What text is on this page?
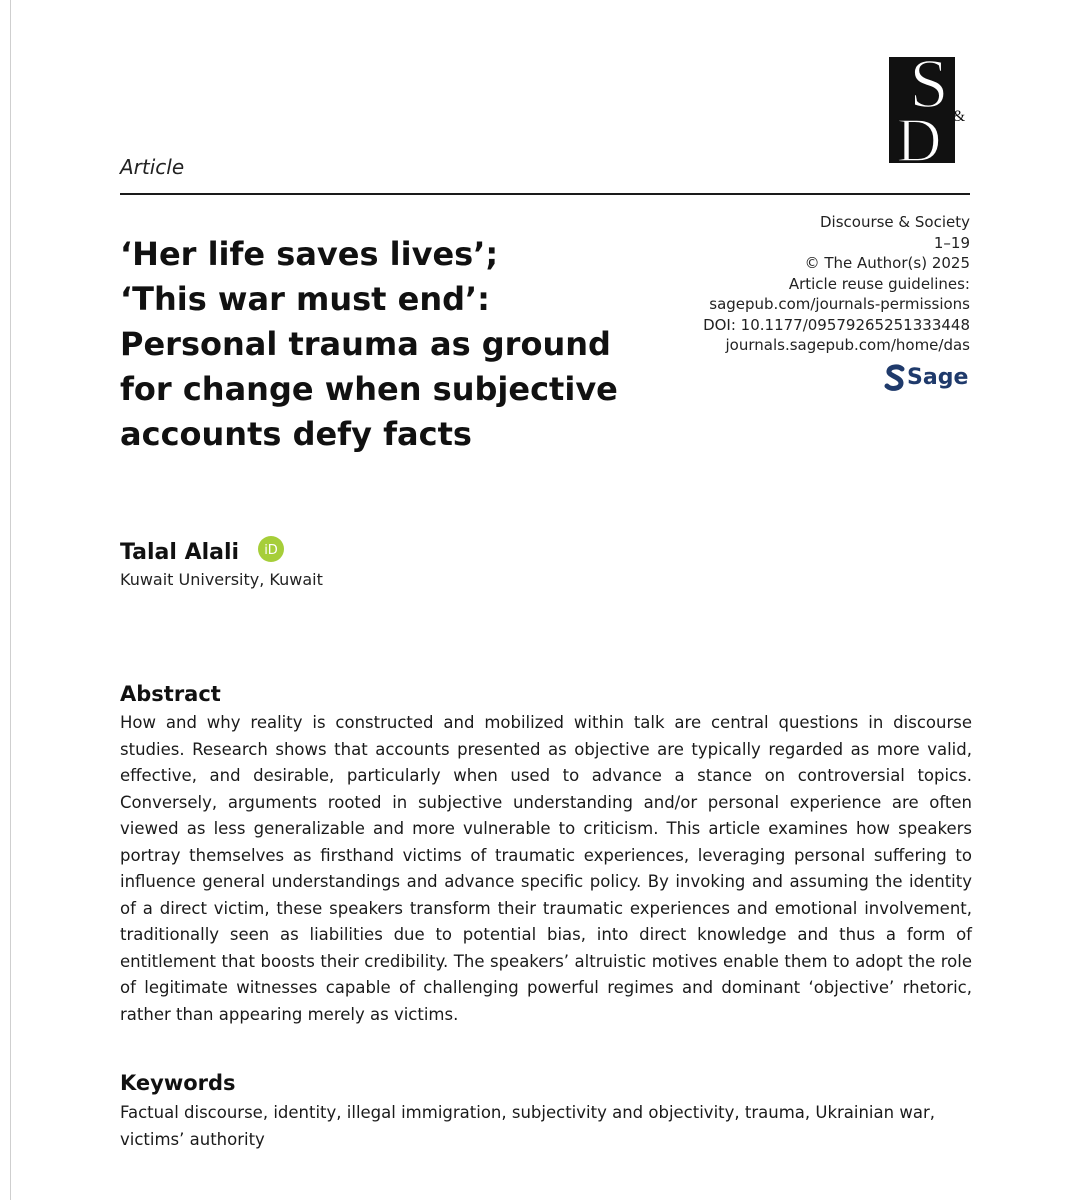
S &
D
Article
‘Her life saves lives’;
‘This war must end’:
Personal trauma as ground
for change when subjective
accounts defy facts
Discourse & Society
1–19
© The Author(s) 2025
Article reuse guidelines:
sagepub.com/journals-permissions
DOI: 10.1177/09579265251333448
journals.sagepub.com/home/das
Sage
Talal Alali iD
Kuwait University, Kuwait
Abstract

How and why reality is constructed and mobilized within talk are central questions in discourse studies. Research shows that accounts presented as objective are typically regarded as more valid, effective, and desirable, particularly when used to advance a stance on controversial topics. Conversely, arguments rooted in subjective understanding and/or personal experience are often viewed as less generalizable and more vulnerable to criticism. This article examines how speakers portray themselves as firsthand victims of traumatic experiences, leveraging personal suffering to influence general understandings and advance specific policy. By invoking and assuming the identity of a direct victim, these speakers transform their traumatic experiences and emotional involvement, traditionally seen as liabilities due to potential bias, into direct knowledge and thus a form of entitlement that boosts their credibility. The speakers’ altruistic motives enable them to adopt the role of legitimate witnesses capable of challenging powerful regimes and dominant ‘objective’ rhetoric, rather than appearing merely as victims.

Keywords

Factual discourse, identity, illegal immigration, subjectivity and objectivity, trauma, Ukrainian war, victims’ authority
